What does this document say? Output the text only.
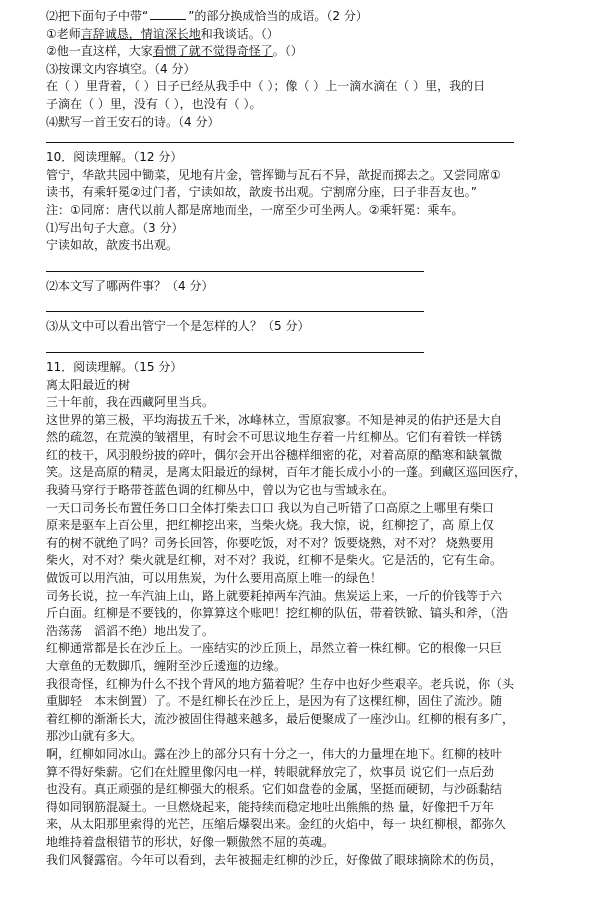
⑵把下面句子中带“	”的部分换成恰当的成语。（2 分）
①老师言辞诚恳，情谊深长地和我谈话。（）
②他一直这样，大家看惯了就不觉得奇怪了。（）
⑶按课文内容填空。（4 分）
在（ ）里背着，（ ）日子已经从我手中（ ）；像（ ）上一滴水滴在（ ）里，我的日
子滴在（ ）里，没有（ ），也没有（ ）。
⑷默写一首王安石的诗。（4 分）
10．阅读理解。（12 分）
管宁，华歆共园中锄菜，见地有片金，管挥锄与瓦石不异，歆捉而掷去之。又尝同席①
读书，有乘轩冕②过门者，宁读如故，歆废书出观。宁割席分座，曰子非吾友也。”
注：①同席：唐代以前人都是席地而坐，一席至少可坐两人。②乘轩冕：乘车。
⑴写出句子大意。（3 分）
宁读如故，歆废书出观。
⑵本文写了哪两件事？（4 分）
⑶从文中可以看出管宁一个是怎样的人？（5 分）
11．阅读理解。（15 分）
离太阳最近的树
三十年前，我在西藏阿里当兵。
这世界的第三极，平均海拔五千米，冰峰林立，雪原寂寥。不知是神灵的佑护还是大自
然的疏忽，在荒漠的皱褶里，有时会不可思议地生存着一片红柳丛。它们有着铁一样锈
红的枝干，风羽般纷披的碎叶，偶尔会开出谷穗样细密的花，对着高原的酷寒和缺氧微
笑。这是高原的精灵，是离太阳最近的绿树，百年才能长成小小的一蓬。到藏区巡回医疗，
我骑马穿行于略带苍蓝色调的红柳丛中，曾以为它也与雪域永在。
一天口司务长布置任务口口全体打柴去口口 我以为自己听错了口高原之上哪里有柴口
原来是驱车上百公里，把红柳挖出来，当柴火烧。我大惊，说，红柳挖了，高 原上仅
有的树不就绝了吗？司务长回答，你要吃饭，对不对？饭要烧熟，对不对？ 烧熟要用
柴火，对不对？柴火就是红柳，对不对？我说，红柳不是柴火。它是活的，它有生命。
做饭可以用汽油，可以用焦炭，为什么要用高原上唯一的绿色！
司务长说，拉一车汽油上山，路上就要耗掉两车汽油。焦炭运上来，一斤的价钱等于六
斤白面。红柳是不要钱的，你算算这个账吧！挖红柳的队伍，带着铁锨、镐头和斧，（浩
浩荡荡　滔滔不绝）地出发了。
红柳通常都是长在沙丘上。一座结实的沙丘顶上，昂然立着一株红柳。它的根像一只巨
大章鱼的无数脚爪，缠附至沙丘逶迤的边缘。
我很奇怪，红柳为什么不找个背风的地方猫着呢？生存中也好少些艰辛。老兵说，你（头
重脚轻　本末倒置）了。不是红柳长在沙丘上，是因为有了这棵红柳，固住了流沙。随
着红柳的渐渐长大，流沙被固住得越来越多，最后便聚成了一座沙山。红柳的根有多广，
那沙山就有多大。
啊，红柳如同冰山。露在沙上的部分只有十分之一，伟大的力量埋在地下。红柳的枝叶
算不得好柴薪。它们在灶膛里像闪电一样，转眼就释放完了，炊事员 说它们一点后劲
也没有。真正顽强的是红柳强大的根系。它们如盘卷的金属，坚挺而硬韧，与沙砾黏结
得如同钢筋混凝土。一旦燃烧起来，能持续而稳定地吐出熊熊的热 量，好像把千万年
来，从太阳那里索得的光芒，压缩后爆裂出来。金红的火焰中，每一 块红柳根，都弥久
地维持着盘根错节的形状，好像一颗傲然不屈的英魂。
我们风餐露宿。今年可以看到，去年被掘走红柳的沙丘，好像做了眼球摘除术的伤员，
